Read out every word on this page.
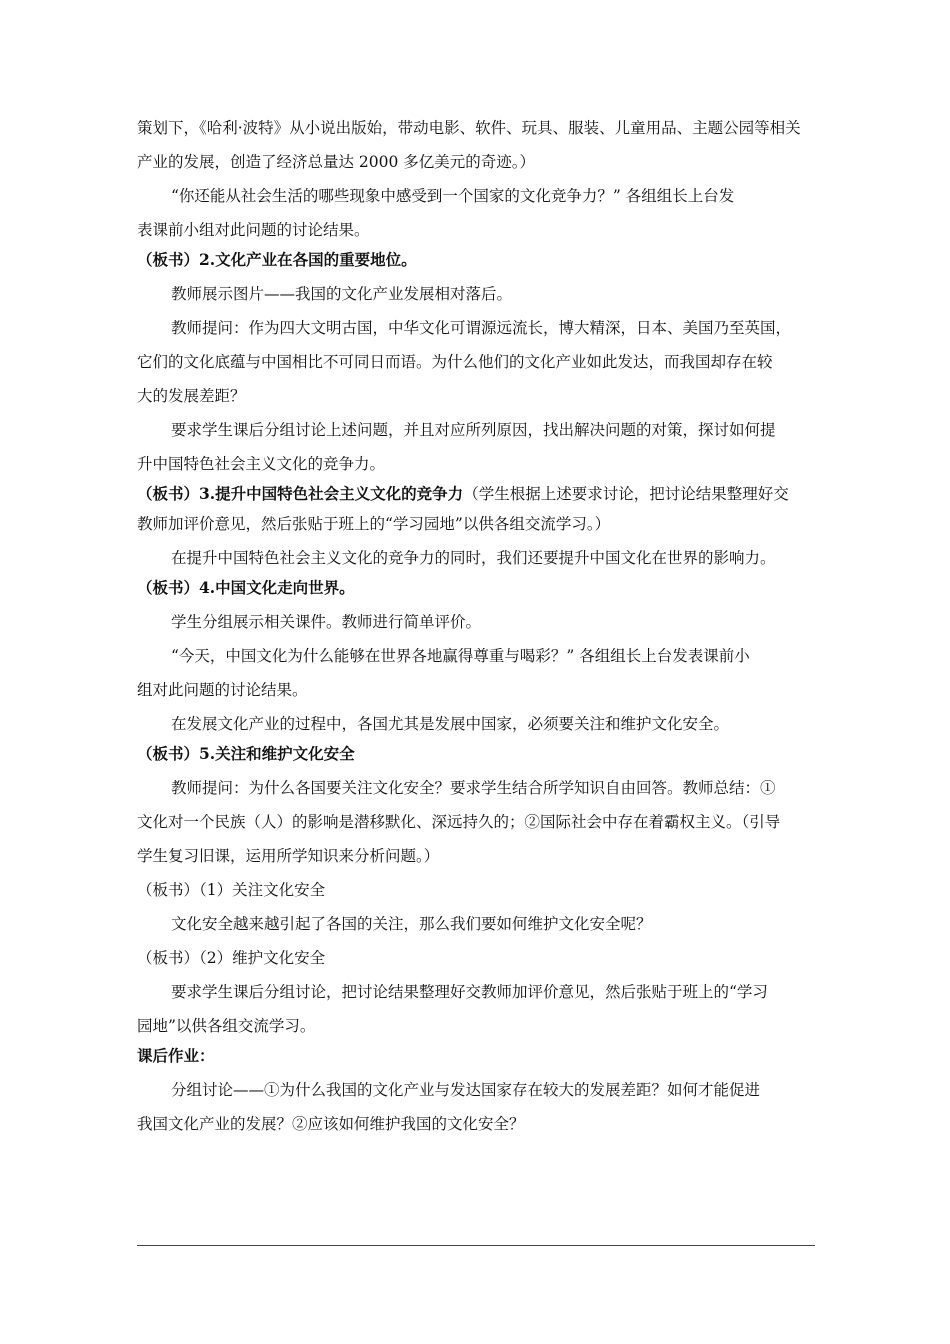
策划下，《哈利·波特》从小说出版始，带动电影、软件、玩具、服装、儿童用品、主题公园等相关

产业的发展，创造了经济总量达 2000 多亿美元的奇迹。）

“你还能从社会生活的哪些现象中感受到一个国家的文化竞争力？” 各组组长上台发

表课前小组对此问题的讨论结果。

（板书）2.文化产业在各国的重要地位。

教师展示图片——我国的文化产业发展相对落后。

教师提问：作为四大文明古国，中华文化可谓源远流长，博大精深，日本、美国乃至英国，

它们的文化底蕴与中国相比不可同日而语。为什么他们的文化产业如此发达，而我国却存在较

大的发展差距？

要求学生课后分组讨论上述问题，并且对应所列原因，找出解决问题的对策，探讨如何提

升中国特色社会主义文化的竞争力。

（板书）3.提升中国特色社会主义文化的竞争力（学生根据上述要求讨论，把讨论结果整理好交

教师加评价意见，然后张贴于班上的“学习园地”以供各组交流学习。）

在提升中国特色社会主义文化的竞争力的同时，我们还要提升中国文化在世界的影响力。

（板书）4.中国文化走向世界。

学生分组展示相关课件。教师进行简单评价。

“今天，中国文化为什么能够在世界各地赢得尊重与喝彩？” 各组组长上台发表课前小

组对此问题的讨论结果。

在发展文化产业的过程中，各国尤其是发展中国家，必须要关注和维护文化安全。

（板书）5.关注和维护文化安全

教师提问：为什么各国要关注文化安全？要求学生结合所学知识自由回答。教师总结：①

文化对一个民族（人）的影响是潜移默化、深远持久的；②国际社会中存在着霸权主义。（引导

学生复习旧课，运用所学知识来分析问题。）

（板书）（1）关注文化安全

文化安全越来越引起了各国的关注，那么我们要如何维护文化安全呢？

（板书）（2）维护文化安全

要求学生课后分组讨论，把讨论结果整理好交教师加评价意见，然后张贴于班上的“学习

园地”以供各组交流学习。

课后作业：

分组讨论——①为什么我国的文化产业与发达国家存在较大的发展差距？如何才能促进

我国文化产业的发展？②应该如何维护我国的文化安全？
